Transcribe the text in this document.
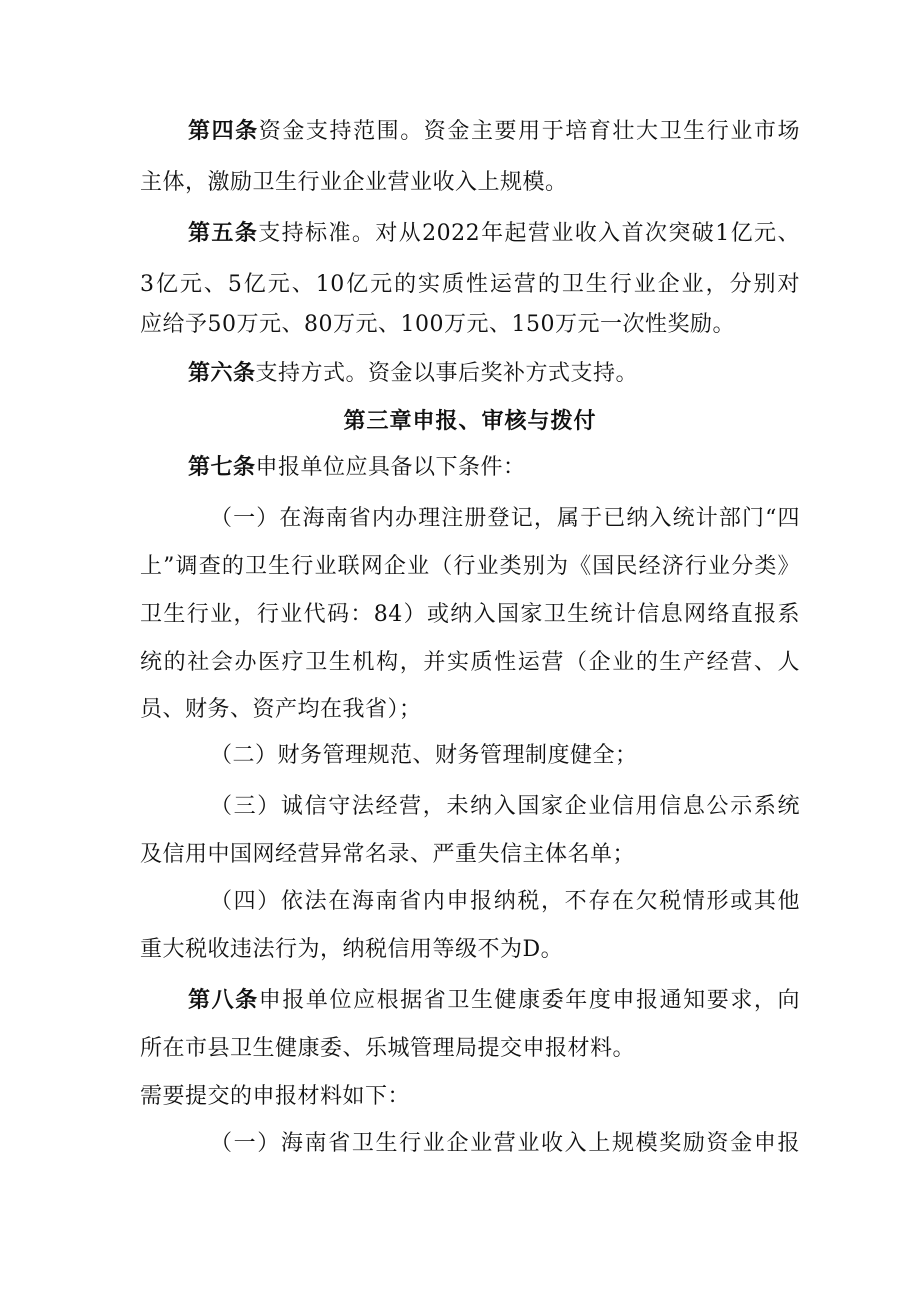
第四条资金支持范围。资金主要用于培育壮大卫生行业市场
主体，激励卫生行业企业营业收入上规模。
第五条支持标准。对从2022年起营业收入首次突破1亿元、
3亿元、5亿元、10亿元的实质性运营的卫生行业企业，分别对
应给予50万元、80万元、100万元、150万元一次性奖励。
第六条支持方式。资金以事后奖补方式支持。
第三章申报、审核与拨付
第七条申报单位应具备以下条件：
（一）在海南省内办理注册登记，属于已纳入统计部门“四
上”调查的卫生行业联网企业（行业类别为《国民经济行业分类》
卫生行业，行业代码：84）或纳入国家卫生统计信息网络直报系
统的社会办医疗卫生机构，并实质性运营（企业的生产经营、人
员、财务、资产均在我省）；
（二）财务管理规范、财务管理制度健全；
（三）诚信守法经营，未纳入国家企业信用信息公示系统
及信用中国网经营异常名录、严重失信主体名单；
（四）依法在海南省内申报纳税，不存在欠税情形或其他
重大税收违法行为，纳税信用等级不为D。
第八条申报单位应根据省卫生健康委年度申报通知要求，向
所在市县卫生健康委、乐城管理局提交申报材料。
需要提交的申报材料如下：
（一）海南省卫生行业企业营业收入上规模奖励资金申报
